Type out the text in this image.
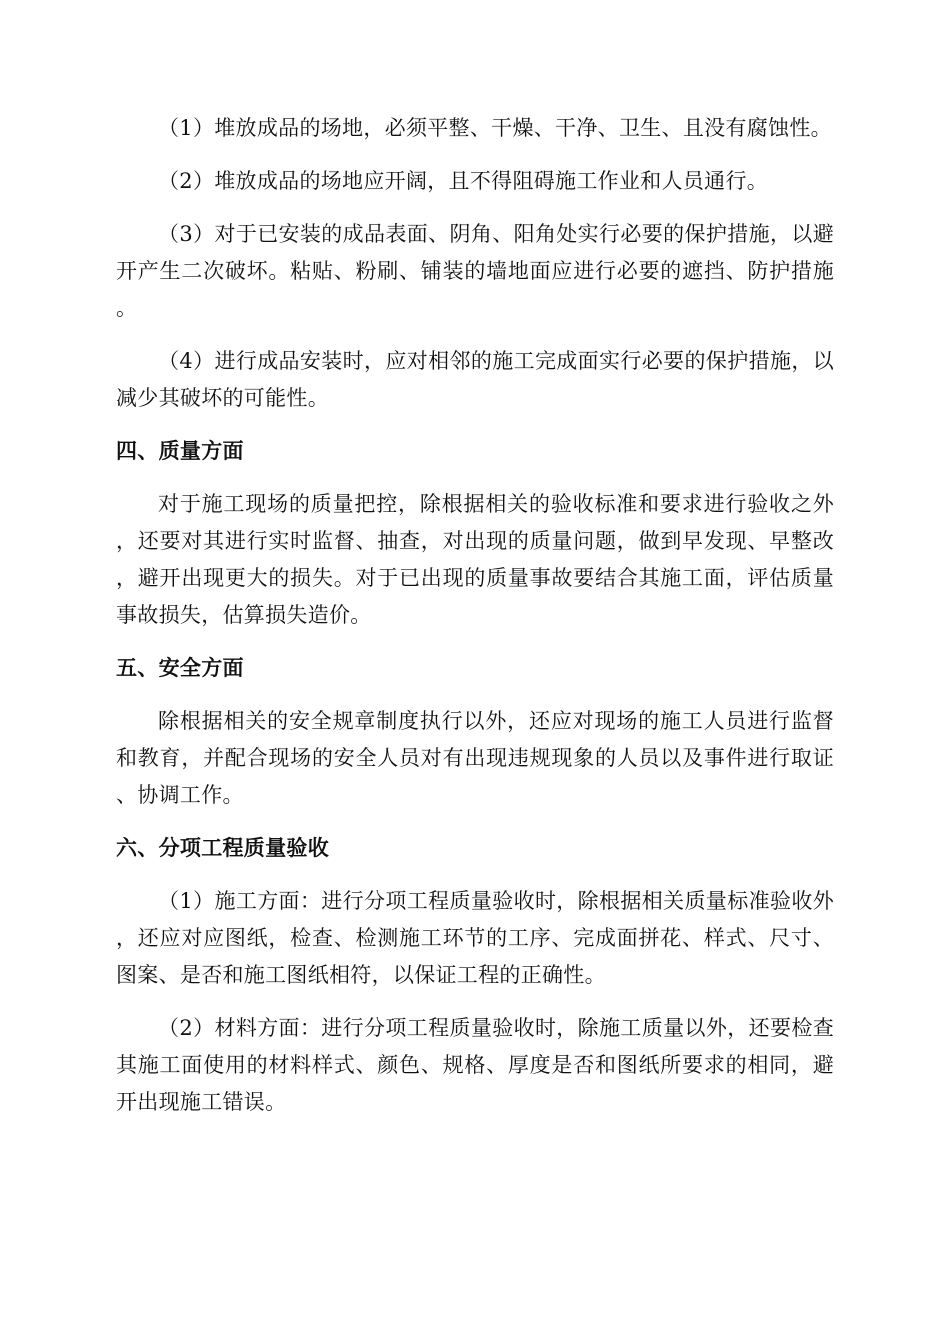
（1）堆放成品的场地，必须平整、干燥、干净、卫生、且没有腐蚀性。

（2）堆放成品的场地应开阔，且不得阻碍施工作业和人员通行。

（3）对于已安装的成品表面、阴角、阳角处实行必要的保护措施，以避开产生二次破坏。粘贴、粉刷、铺装的墙地面应进行必要的遮挡、防护措施。

（4）进行成品安装时，应对相邻的施工完成面实行必要的保护措施，以减少其破坏的可能性。

四、质量方面

对于施工现场的质量把控，除根据相关的验收标准和要求进行验收之外，还要对其进行实时监督、抽查，对出现的质量问题，做到早发现、早整改，避开出现更大的损失。对于已出现的质量事故要结合其施工面，评估质量事故损失，估算损失造价。

五、安全方面

除根据相关的安全规章制度执行以外，还应对现场的施工人员进行监督和教育，并配合现场的安全人员对有出现违规现象的人员以及事件进行取证、协调工作。

六、分项工程质量验收

（1）施工方面：进行分项工程质量验收时，除根据相关质量标准验收外，还应对应图纸，检查、检测施工环节的工序、完成面拼花、样式、尺寸、图案、是否和施工图纸相符，以保证工程的正确性。

（2）材料方面：进行分项工程质量验收时，除施工质量以外，还要检查其施工面使用的材料样式、颜色、规格、厚度是否和图纸所要求的相同，避开出现施工错误。
